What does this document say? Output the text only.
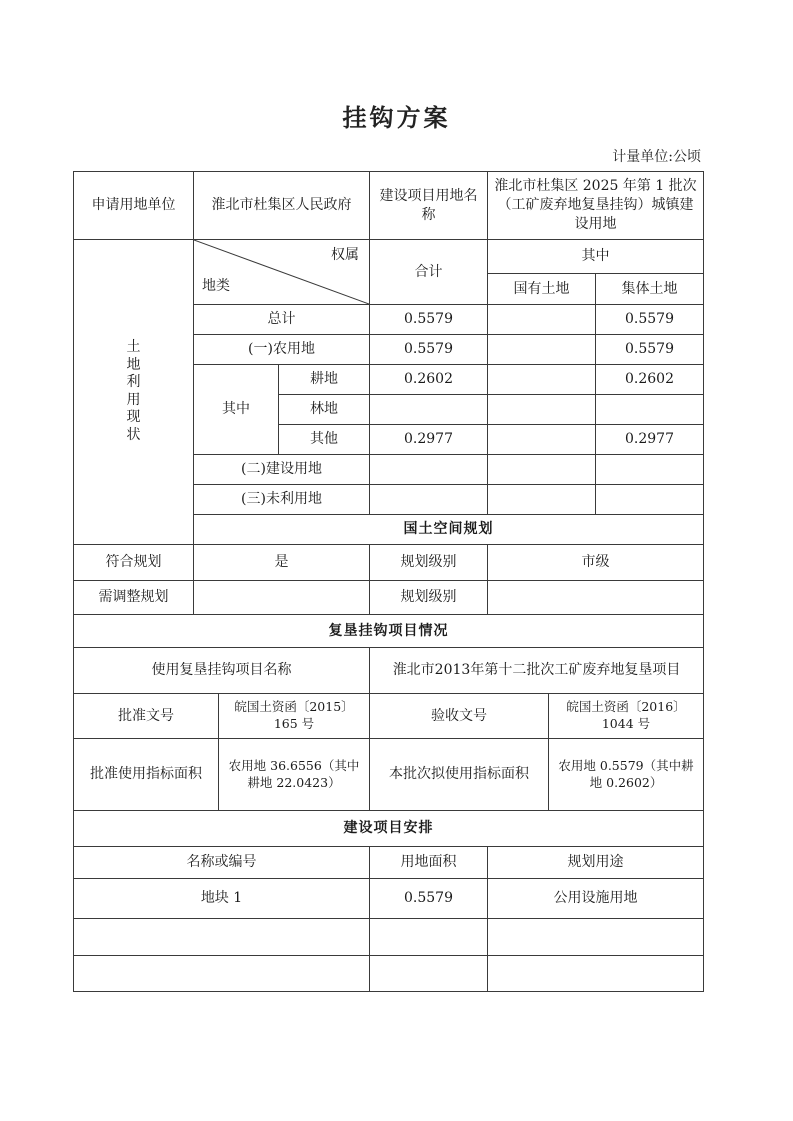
挂钩方案
计量单位:公顷
申请用地单位	淮北市杜集区人民政府			建设项目用地名称	淮北市杜集区 2025 年第 1 批次（工矿废弃地复垦挂钩）城镇建设用地		
土地利用现状	权属
地类			合计	其中		
					国有土地		集体土地
	总计			0.5579			0.5579
	(一)农用地			0.5579			0.5579
	其中		耕地	0.2602			0.2602
			林地				
			其他	0.2977			0.2977
	(二)建设用地						
	(三)未利用地						
	国土空间规划						
符合规划	是			规划级别	市级		
需调整规划				规划级别			
复垦挂钩项目情况							
使用复垦挂钩项目名称				淮北市2013年第十二批次工矿废弃地复垦项目			
批准文号		皖国土资函〔2015〕165 号		验收文号		皖国土资函〔2016〕1044 号	
批准使用指标面积		农用地 36.6556（其中耕地 22.0423）		本批次拟使用指标面积		农用地 0.5579（其中耕地 0.2602）	
建设项目安排							
名称或编号				用地面积	规划用途		
地块 1				0.5579	公用设施用地		
